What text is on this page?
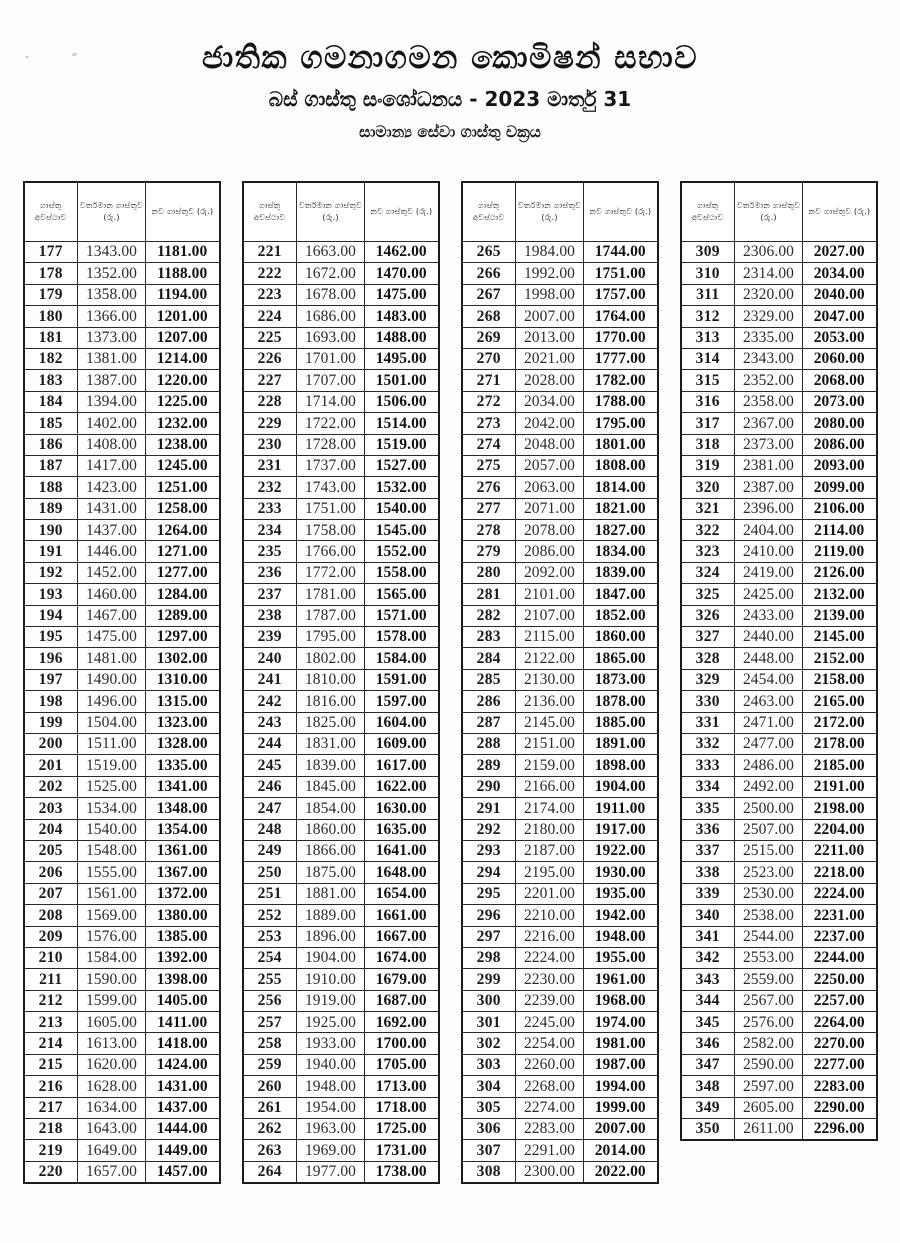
ජාතික ගමනාගමන කොමිෂන් සභාව
බස් ගාස්තු සංශෝධනය - 2023 මාර්තු 31
සාමාන්‍ය සේවා ගාස්තු චක්‍රය
ගාස්තු අවස්ථාව	වර්තමාන ගාස්තුව (රු.)	නව ගාස්තුව (රු.)
177	1343.00	1181.00
178	1352.00	1188.00
179	1358.00	1194.00
180	1366.00	1201.00
181	1373.00	1207.00
182	1381.00	1214.00
183	1387.00	1220.00
184	1394.00	1225.00
185	1402.00	1232.00
186	1408.00	1238.00
187	1417.00	1245.00
188	1423.00	1251.00
189	1431.00	1258.00
190	1437.00	1264.00
191	1446.00	1271.00
192	1452.00	1277.00
193	1460.00	1284.00
194	1467.00	1289.00
195	1475.00	1297.00
196	1481.00	1302.00
197	1490.00	1310.00
198	1496.00	1315.00
199	1504.00	1323.00
200	1511.00	1328.00
201	1519.00	1335.00
202	1525.00	1341.00
203	1534.00	1348.00
204	1540.00	1354.00
205	1548.00	1361.00
206	1555.00	1367.00
207	1561.00	1372.00
208	1569.00	1380.00
209	1576.00	1385.00
210	1584.00	1392.00
211	1590.00	1398.00
212	1599.00	1405.00
213	1605.00	1411.00
214	1613.00	1418.00
215	1620.00	1424.00
216	1628.00	1431.00
217	1634.00	1437.00
218	1643.00	1444.00
219	1649.00	1449.00
220	1657.00	1457.00
ගාස්තු අවස්ථාව	වර්තමාන ගාස්තුව (රු.)	නව ගාස්තුව (රු.)
221	1663.00	1462.00
222	1672.00	1470.00
223	1678.00	1475.00
224	1686.00	1483.00
225	1693.00	1488.00
226	1701.00	1495.00
227	1707.00	1501.00
228	1714.00	1506.00
229	1722.00	1514.00
230	1728.00	1519.00
231	1737.00	1527.00
232	1743.00	1532.00
233	1751.00	1540.00
234	1758.00	1545.00
235	1766.00	1552.00
236	1772.00	1558.00
237	1781.00	1565.00
238	1787.00	1571.00
239	1795.00	1578.00
240	1802.00	1584.00
241	1810.00	1591.00
242	1816.00	1597.00
243	1825.00	1604.00
244	1831.00	1609.00
245	1839.00	1617.00
246	1845.00	1622.00
247	1854.00	1630.00
248	1860.00	1635.00
249	1866.00	1641.00
250	1875.00	1648.00
251	1881.00	1654.00
252	1889.00	1661.00
253	1896.00	1667.00
254	1904.00	1674.00
255	1910.00	1679.00
256	1919.00	1687.00
257	1925.00	1692.00
258	1933.00	1700.00
259	1940.00	1705.00
260	1948.00	1713.00
261	1954.00	1718.00
262	1963.00	1725.00
263	1969.00	1731.00
264	1977.00	1738.00
ගාස්තු අවස්ථාව	වර්තමාන ගාස්තුව (රු.)	නව ගාස්තුව (රු.)
265	1984.00	1744.00
266	1992.00	1751.00
267	1998.00	1757.00
268	2007.00	1764.00
269	2013.00	1770.00
270	2021.00	1777.00
271	2028.00	1782.00
272	2034.00	1788.00
273	2042.00	1795.00
274	2048.00	1801.00
275	2057.00	1808.00
276	2063.00	1814.00
277	2071.00	1821.00
278	2078.00	1827.00
279	2086.00	1834.00
280	2092.00	1839.00
281	2101.00	1847.00
282	2107.00	1852.00
283	2115.00	1860.00
284	2122.00	1865.00
285	2130.00	1873.00
286	2136.00	1878.00
287	2145.00	1885.00
288	2151.00	1891.00
289	2159.00	1898.00
290	2166.00	1904.00
291	2174.00	1911.00
292	2180.00	1917.00
293	2187.00	1922.00
294	2195.00	1930.00
295	2201.00	1935.00
296	2210.00	1942.00
297	2216.00	1948.00
298	2224.00	1955.00
299	2230.00	1961.00
300	2239.00	1968.00
301	2245.00	1974.00
302	2254.00	1981.00
303	2260.00	1987.00
304	2268.00	1994.00
305	2274.00	1999.00
306	2283.00	2007.00
307	2291.00	2014.00
308	2300.00	2022.00
ගාස්තු අවස්ථාව	වර්තමාන ගාස්තුව (රු.)	නව ගාස්තුව (රු.)
309	2306.00	2027.00
310	2314.00	2034.00
311	2320.00	2040.00
312	2329.00	2047.00
313	2335.00	2053.00
314	2343.00	2060.00
315	2352.00	2068.00
316	2358.00	2073.00
317	2367.00	2080.00
318	2373.00	2086.00
319	2381.00	2093.00
320	2387.00	2099.00
321	2396.00	2106.00
322	2404.00	2114.00
323	2410.00	2119.00
324	2419.00	2126.00
325	2425.00	2132.00
326	2433.00	2139.00
327	2440.00	2145.00
328	2448.00	2152.00
329	2454.00	2158.00
330	2463.00	2165.00
331	2471.00	2172.00
332	2477.00	2178.00
333	2486.00	2185.00
334	2492.00	2191.00
335	2500.00	2198.00
336	2507.00	2204.00
337	2515.00	2211.00
338	2523.00	2218.00
339	2530.00	2224.00
340	2538.00	2231.00
341	2544.00	2237.00
342	2553.00	2244.00
343	2559.00	2250.00
344	2567.00	2257.00
345	2576.00	2264.00
346	2582.00	2270.00
347	2590.00	2277.00
348	2597.00	2283.00
349	2605.00	2290.00
350	2611.00	2296.00
